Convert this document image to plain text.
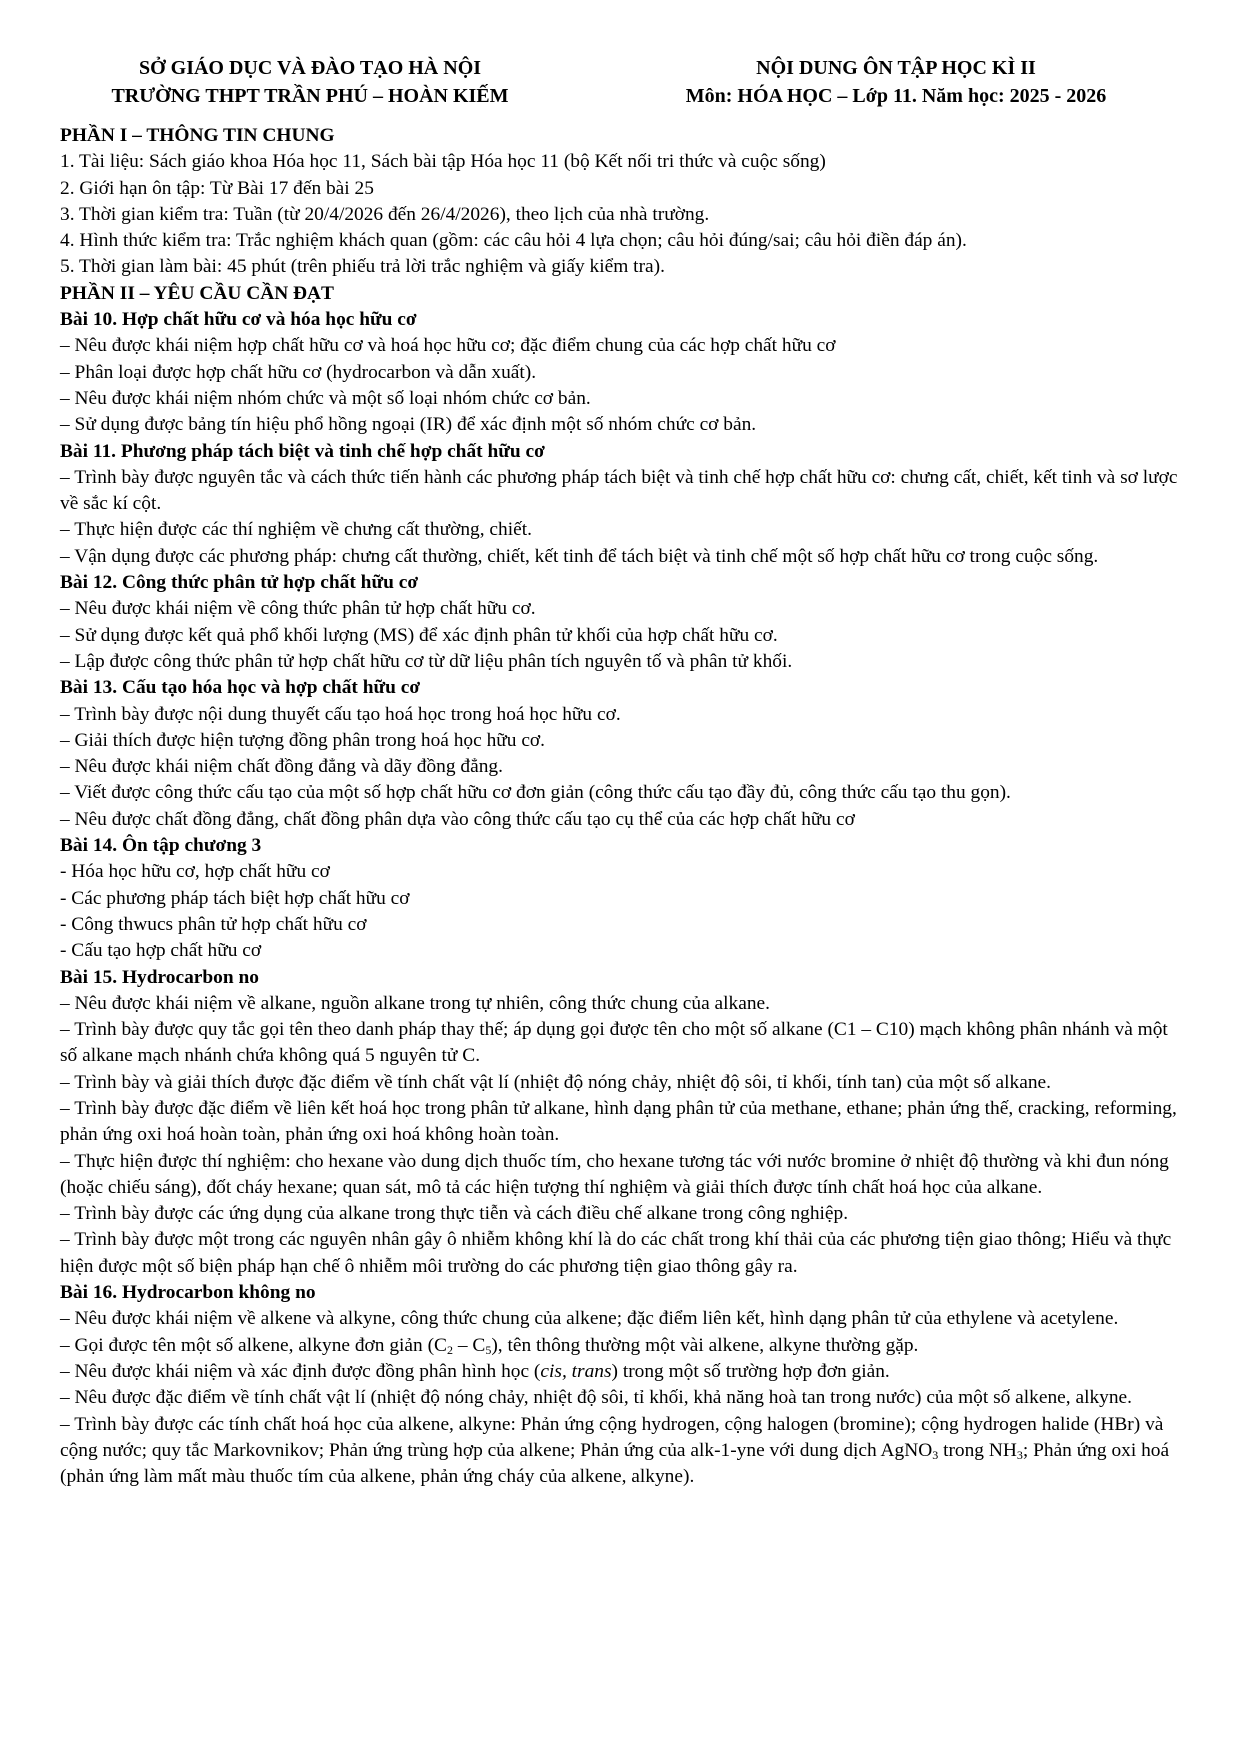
SỞ GIÁO DỤC VÀ ĐÀO TẠO HÀ NỘI
TRƯỜNG THPT TRẦN PHÚ – HOÀN KIẾM
NỘI DUNG ÔN TẬP HỌC KÌ II
Môn: HÓA HỌC – Lớp 11. Năm học: 2025 - 2026
PHẦN I – THÔNG TIN CHUNG
1. Tài liệu: Sách giáo khoa Hóa học 11, Sách bài tập Hóa học 11 (bộ Kết nối tri thức và cuộc sống)
2. Giới hạn ôn tập: Từ Bài 17 đến bài 25
3. Thời gian kiểm tra: Tuần (từ 20/4/2026 đến 26/4/2026), theo lịch của nhà trường.
4. Hình thức kiểm tra: Trắc nghiệm khách quan (gồm: các câu hỏi 4 lựa chọn; câu hỏi đúng/sai; câu hỏi điền đáp án).
5. Thời gian làm bài: 45 phút (trên phiếu trả lời trắc nghiệm và giấy kiểm tra).
PHẦN II – YÊU CẦU CẦN ĐẠT
Bài 10. Hợp chất hữu cơ và hóa học hữu cơ
– Nêu được khái niệm hợp chất hữu cơ và hoá học hữu cơ; đặc điểm chung của các hợp chất hữu cơ
– Phân loại được hợp chất hữu cơ (hydrocarbon và dẫn xuất).
– Nêu được khái niệm nhóm chức và một số loại nhóm chức cơ bản.
– Sử dụng được bảng tín hiệu phổ hồng ngoại (IR) để xác định một số nhóm chức cơ bản.
Bài 11. Phương pháp tách biệt và tinh chế hợp chất hữu cơ
– Trình bày được nguyên tắc và cách thức tiến hành các phương pháp tách biệt và tinh chế hợp chất hữu cơ: chưng cất, chiết, kết tinh và sơ lược về sắc kí cột.
– Thực hiện được các thí nghiệm về chưng cất thường, chiết.
– Vận dụng được các phương pháp: chưng cất thường, chiết, kết tinh để tách biệt và tinh chế một số hợp chất hữu cơ trong cuộc sống.
Bài 12. Công thức phân tử hợp chất hữu cơ
– Nêu được khái niệm về công thức phân tử hợp chất hữu cơ.
– Sử dụng được kết quả phổ khối lượng (MS) để xác định phân tử khối của hợp chất hữu cơ.
– Lập được công thức phân tử hợp chất hữu cơ từ dữ liệu phân tích nguyên tố và phân tử khối.
Bài 13. Cấu tạo hóa học và hợp chất hữu cơ
– Trình bày được nội dung thuyết cấu tạo hoá học trong hoá học hữu cơ.
– Giải thích được hiện tượng đồng phân trong hoá học hữu cơ.
– Nêu được khái niệm chất đồng đẳng và dãy đồng đẳng.
– Viết được công thức cấu tạo của một số hợp chất hữu cơ đơn giản (công thức cấu tạo đầy đủ, công thức cấu tạo thu gọn).
– Nêu được chất đồng đẳng, chất đồng phân dựa vào công thức cấu tạo cụ thể của các hợp chất hữu cơ
Bài 14. Ôn tập chương 3
- Hóa học hữu cơ, hợp chất hữu cơ
- Các phương pháp tách biệt hợp chất hữu cơ
- Công thwucs phân tử hợp chất hữu cơ
- Cấu tạo hợp chất hữu cơ
Bài 15. Hydrocarbon no
– Nêu được khái niệm về alkane, nguồn alkane trong tự nhiên, công thức chung của alkane.
– Trình bày được quy tắc gọi tên theo danh pháp thay thế; áp dụng gọi được tên cho một số alkane (C1 – C10) mạch không phân nhánh và một số alkane mạch nhánh chứa không quá 5 nguyên tử C.
– Trình bày và giải thích được đặc điểm về tính chất vật lí (nhiệt độ nóng chảy, nhiệt độ sôi, tỉ khối, tính tan) của một số alkane.
– Trình bày được đặc điểm về liên kết hoá học trong phân tử alkane, hình dạng phân tử của methane, ethane; phản ứng thế, cracking, reforming, phản ứng oxi hoá hoàn toàn, phản ứng oxi hoá không hoàn toàn.
– Thực hiện được thí nghiệm: cho hexane vào dung dịch thuốc tím, cho hexane tương tác với nước bromine ở nhiệt độ thường và khi đun nóng (hoặc chiếu sáng), đốt cháy hexane; quan sát, mô tả các hiện tượng thí nghiệm và giải thích được tính chất hoá học của alkane.
– Trình bày được các ứng dụng của alkane trong thực tiễn và cách điều chế alkane trong công nghiệp.
– Trình bày được một trong các nguyên nhân gây ô nhiễm không khí là do các chất trong khí thải của các phương tiện giao thông; Hiểu và thực hiện được một số biện pháp hạn chế ô nhiễm môi trường do các phương tiện giao thông gây ra.
Bài 16. Hydrocarbon không no
– Nêu được khái niệm về alkene và alkyne, công thức chung của alkene; đặc điểm liên kết, hình dạng phân tử của ethylene và acetylene.
– Gọi được tên một số alkene, alkyne đơn giản $(C_2 - C_5)$, tên thông thường một vài alkene, alkyne thường gặp.
– Nêu được khái niệm và xác định được đồng phân hình học (cis, trans) trong một số trường hợp đơn giản.
– Nêu được đặc điểm về tính chất vật lí (nhiệt độ nóng chảy, nhiệt độ sôi, tỉ khối, khả năng hoà tan trong nước) của một số alkene, alkyne.
– Trình bày được các tính chất hoá học của alkene, alkyne: Phản ứng cộng hydrogen, cộng halogen (bromine); cộng hydrogen halide (HBr) và cộng nước; quy tắc Markovnikov; Phản ứng trùng hợp của alkene; Phản ứng của alk-1-yne với dung dịch AgNO$_3$ trong $NH_3$; Phản ứng oxi hoá (phản ứng làm mất màu thuốc tím của alkene, phản ứng cháy của alkene, alkyne).
